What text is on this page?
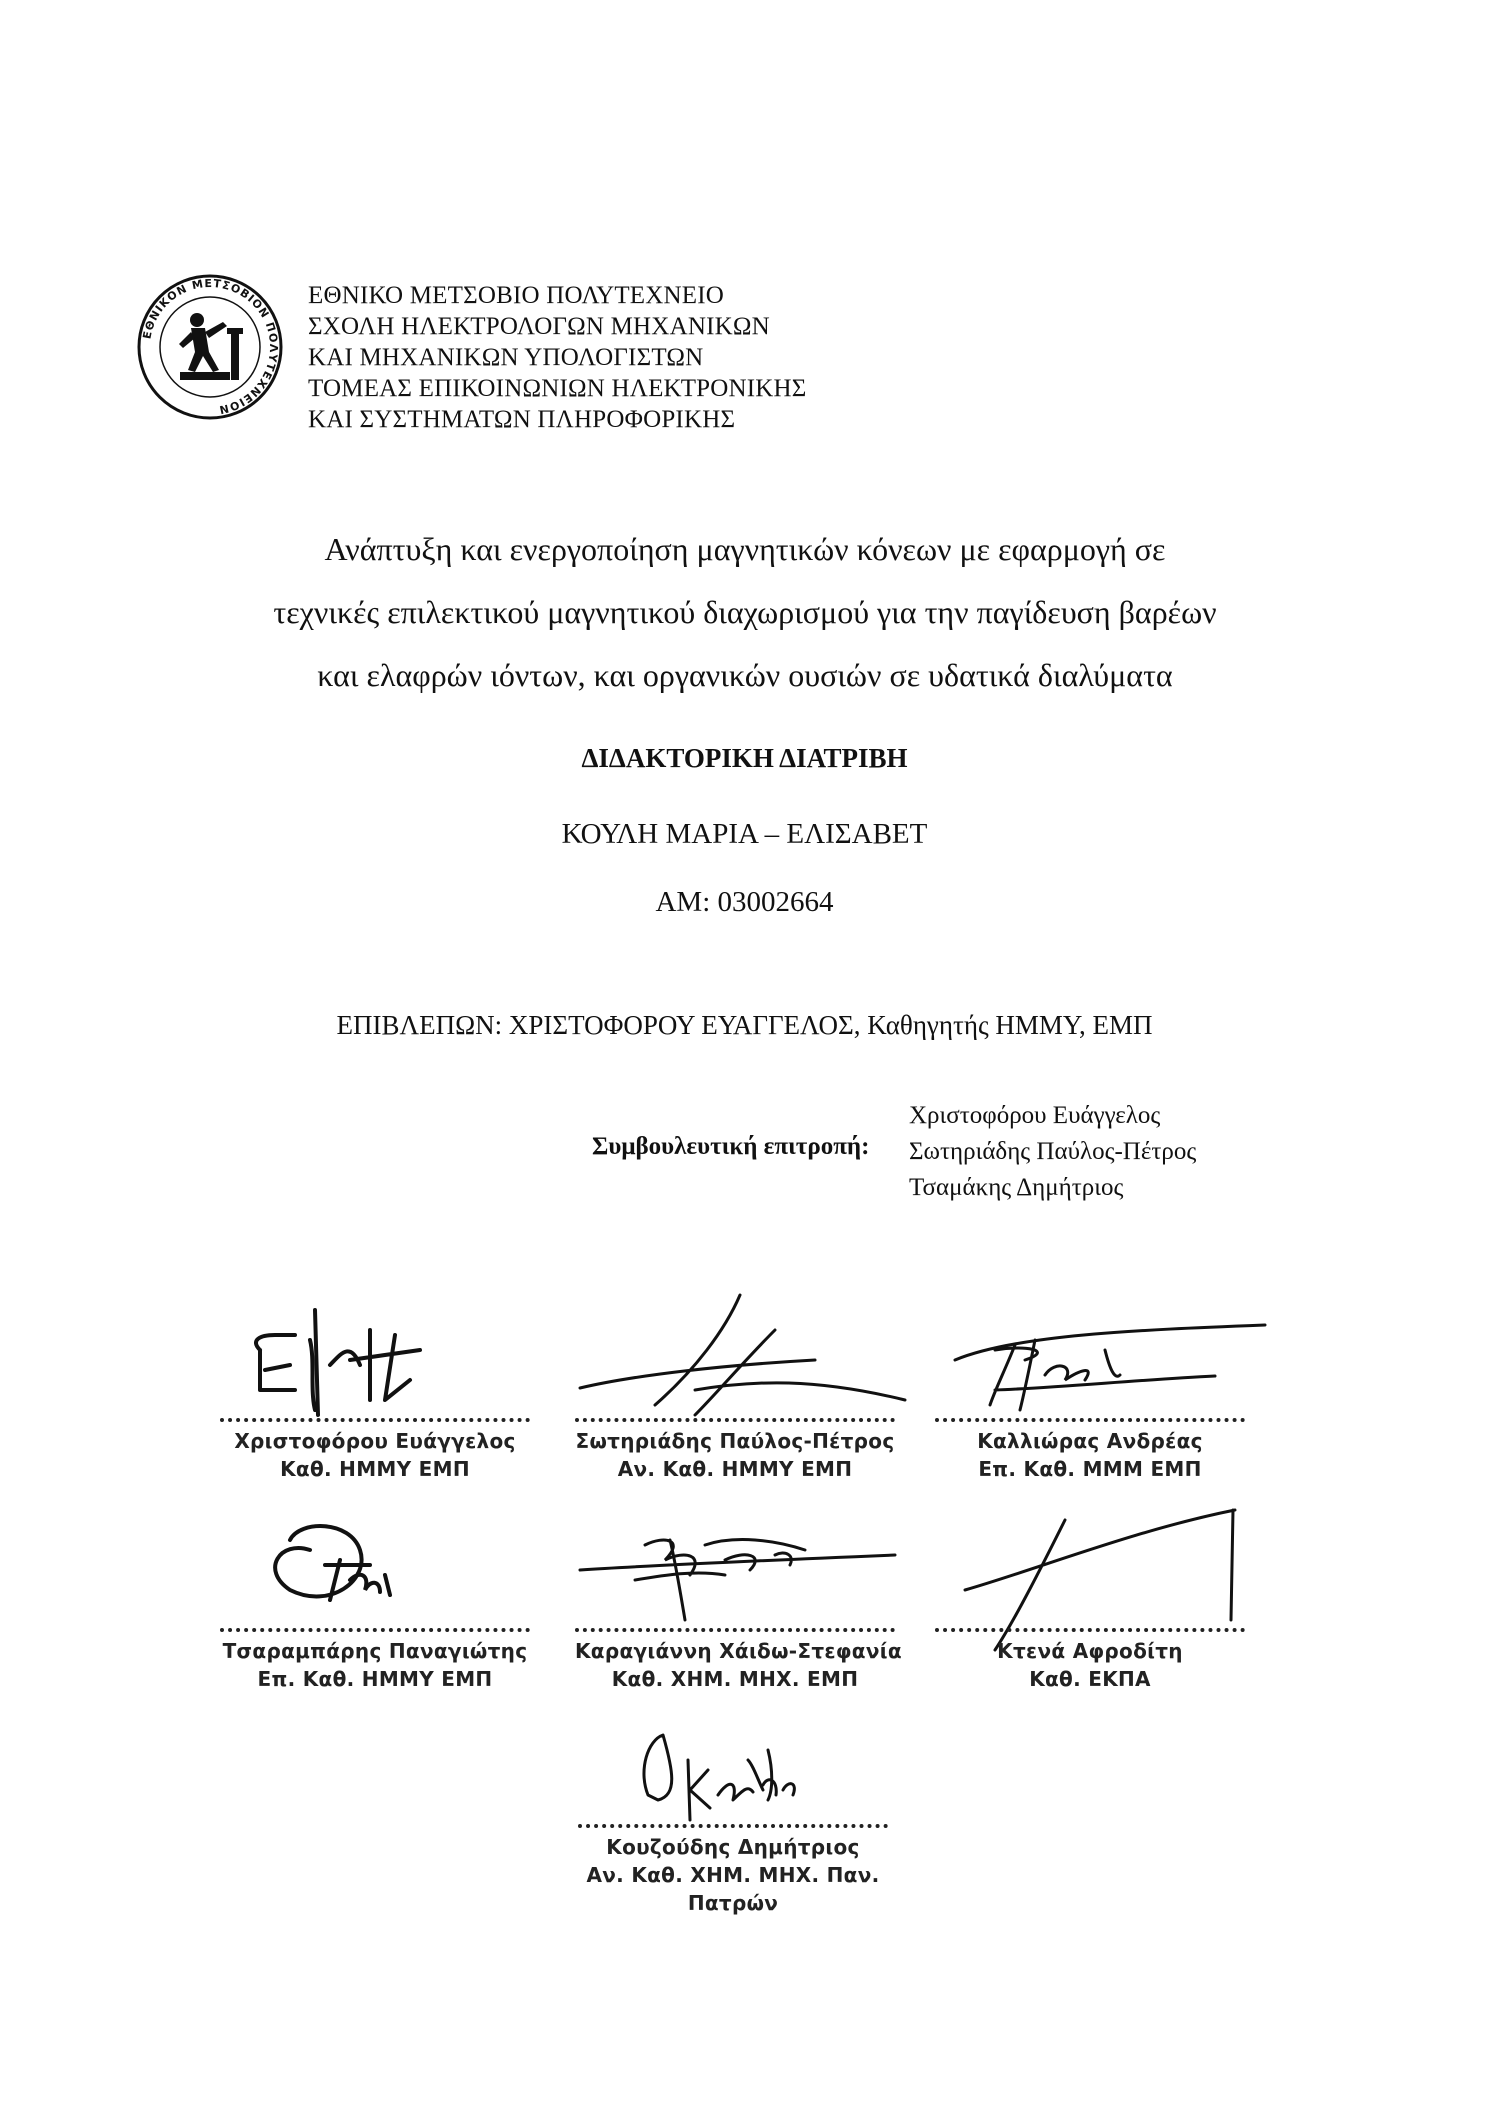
ΕΘΝΙΚΟΝ ΜΕΤΣΟΒΙΟΝ ΠΟΛΥΤΕΧΝΕΙΟΝ
ΕΘΝΙΚΟ ΜΕΤΣΟΒΙΟ ΠΟΛΥΤΕΧΝΕΙΟ
ΣΧΟΛΗ ΗΛΕΚΤΡΟΛΟΓΩΝ ΜΗΧΑΝΙΚΩΝ
ΚΑΙ ΜΗΧΑΝΙΚΩΝ ΥΠΟΛΟΓΙΣΤΩΝ
ΤΟΜΕΑΣ ΕΠΙΚΟΙΝΩΝΙΩΝ ΗΛΕΚΤΡΟΝΙΚΗΣ
ΚΑΙ ΣΥΣΤΗΜΑΤΩΝ ΠΛΗΡΟΦΟΡΙΚΗΣ
Ανάπτυξη και ενεργοποίηση μαγνητικών κόνεων με εφαρμογή σε
τεχνικές επιλεκτικού μαγνητικού διαχωρισμού για την παγίδευση βαρέων
και ελαφρών ιόντων, και οργανικών ουσιών σε υδατικά διαλύματα
ΔΙΔΑΚΤΟΡΙΚΗ ΔΙΑΤΡΙΒΗ
ΚΟΥΛΗ ΜΑΡΙΑ – ΕΛΙΣΑΒΕΤ
ΑΜ: 03002664
ΕΠΙΒΛΕΠΩΝ: ΧΡΙΣΤΟΦΟΡΟΥ ΕΥΑΓΓΕΛΟΣ, Καθηγητής ΗΜΜΥ, ΕΜΠ
Συμβουλευτική επιτροπή:
Χριστοφόρου Ευάγγελος
Σωτηριάδης Παύλος-Πέτρος
Τσαμάκης Δημήτριος
Χριστοφόρου Ευάγγελος
Καθ. ΗΜΜΥ ΕΜΠ
Σωτηριάδης Παύλος-Πέτρος
Αν. Καθ. ΗΜΜΥ ΕΜΠ
Καλλιώρας Ανδρέας
Επ. Καθ. ΜΜΜ ΕΜΠ
Τσαραμπάρης Παναγιώτης
Επ. Καθ. ΗΜΜΥ ΕΜΠ
Καραγιάννη Χάιδω-Στεφανία
Καθ. ΧΗΜ. ΜΗΧ. ΕΜΠ
Κτενά Αφροδίτη
Καθ. ΕΚΠΑ
Κουζούδης Δημήτριος
Αν. Καθ. ΧΗΜ. ΜΗΧ. Παν.
Πατρών
